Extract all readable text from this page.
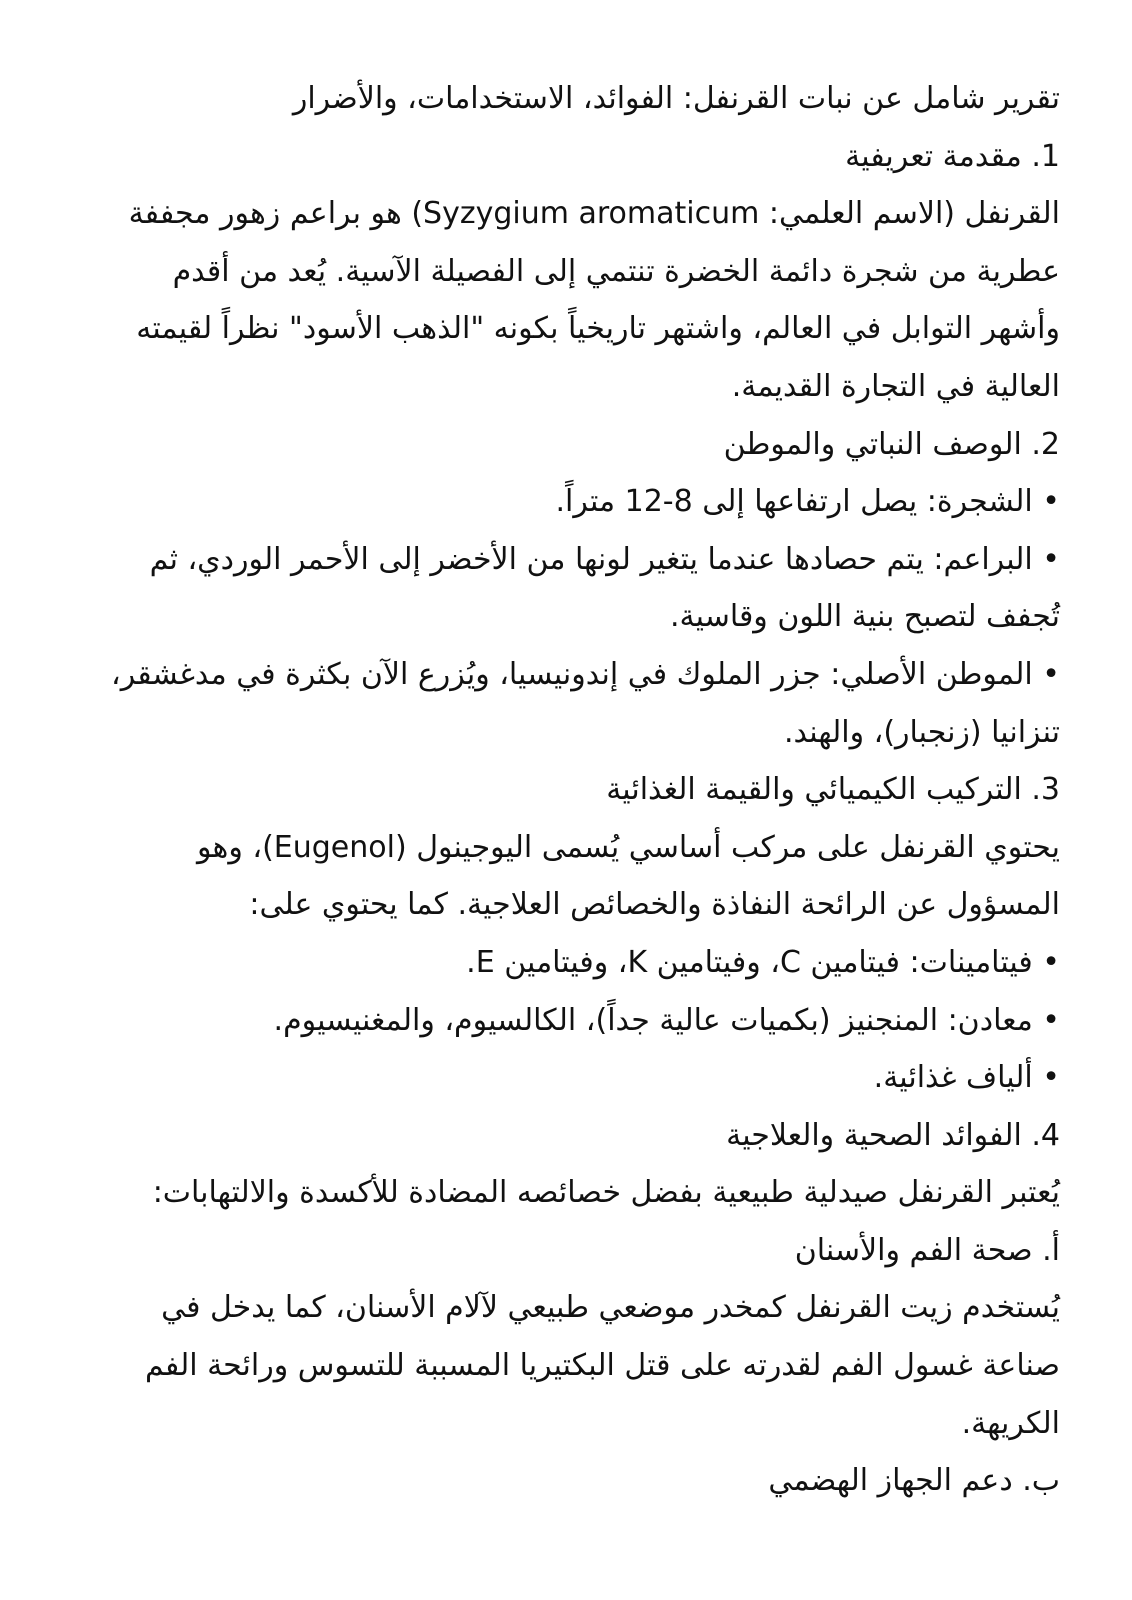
تقرير شامل عن نبات القرنفل: الفوائد، الاستخدامات، والأضرار
1. مقدمة تعريفية
القرنفل (الاسم العلمي: Syzygium aromaticum) هو براعم زهور مجففة
عطرية من شجرة دائمة الخضرة تنتمي إلى الفصيلة الآسية. يُعد من أقدم
وأشهر التوابل في العالم، واشتهر تاريخياً بكونه "الذهب الأسود" نظراً لقيمته
العالية في التجارة القديمة.
2. الوصف النباتي والموطن
• الشجرة: يصل ارتفاعها إلى 8-12 متراً.
• البراعم: يتم حصادها عندما يتغير لونها من الأخضر إلى الأحمر الوردي، ثم
تُجفف لتصبح بنية اللون وقاسية.
• الموطن الأصلي: جزر الملوك في إندونيسيا، ويُزرع الآن بكثرة في مدغشقر،
تنزانيا (زنجبار)، والهند.
3. التركيب الكيميائي والقيمة الغذائية
يحتوي القرنفل على مركب أساسي يُسمى اليوجينول (Eugenol)، وهو
المسؤول عن الرائحة النفاذة والخصائص العلاجية. كما يحتوي على:
• فيتامينات: فيتامين C، وفيتامين K، وفيتامين E.
• معادن: المنجنيز (بكميات عالية جداً)، الكالسيوم، والمغنيسيوم.
• ألياف غذائية.
4. الفوائد الصحية والعلاجية
يُعتبر القرنفل صيدلية طبيعية بفضل خصائصه المضادة للأكسدة والالتهابات:
أ. صحة الفم والأسنان
يُستخدم زيت القرنفل كمخدر موضعي طبيعي لآلام الأسنان، كما يدخل في
صناعة غسول الفم لقدرته على قتل البكتيريا المسببة للتسوس ورائحة الفم
الكريهة.
ب. دعم الجهاز الهضمي
